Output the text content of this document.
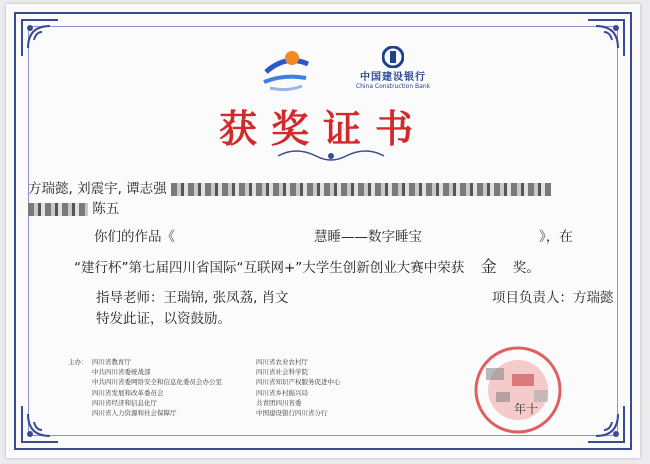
中国建设银行
China Construction Bank
获奖证书
方瑞懿, 刘震宇, 谭志强
陈五
你们的作品《	慧睡——数字睡宝	》，在
“建行杯”第七届四川省国际“互联网+”大学生创新创业大赛中荣获 金 奖。
指导老师：王瑞锦, 张凤荔, 肖文	项目负责人：方瑞懿
特发此证，以资鼓励。
主办： 四川省教育厅
中共四川省委统战部
中共四川省委网络安全和信息化委员会办公室
四川省发展和改革委员会
四川省经济和信息化厅
四川省人力资源和社会保障厅
四川省农业农村厅
四川省社会科学院
四川省知识产权服务促进中心
四川省乡村振兴局
共青团四川省委
中国建设银行四川省分行	年十
